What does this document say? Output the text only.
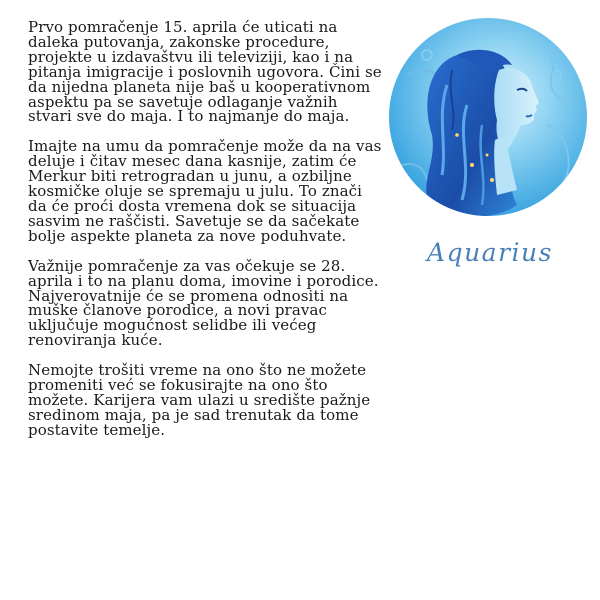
Prvo pomračenje 15. aprila će uticati na daleka putovanja, zakonske procedure, projekte u izdavaštvu ili televiziji, kao i na pitanja imigracije i poslovnih ugovora. Čini se da nijedna planeta nije baš u kooperativnom aspektu pa se savetuje odlaganje važnih stvari sve do maja. I to najmanje do maja.

Imajte na umu da pomračenje može da na vas deluje i čitav mesec dana kasnije, zatim će Merkur biti retrogradan u junu, a ozbiljne kosmičke oluje se spremaju u julu. To znači da će proći dosta vremena dok se situacija sasvim ne raščisti. Savetuje se da sačekate bolje aspekte planeta za nove poduhvate.

Važnije pomračenje za vas očekuje se 28. aprila i to na planu doma, imovine i porodice. Najverovatnije će se promena odnositi na muške članove porodice, a novi pravac uključuje mogućnost selidbe ili većeg renoviranja kuće.

Nemojte trošiti vreme na ono što ne možete promeniti već se fokusirajte na ono što možete. Karijera vam ulazi u središte pažnje sredinom maja, pa je sad trenutak da tome postavite temelje.

Aquarius
